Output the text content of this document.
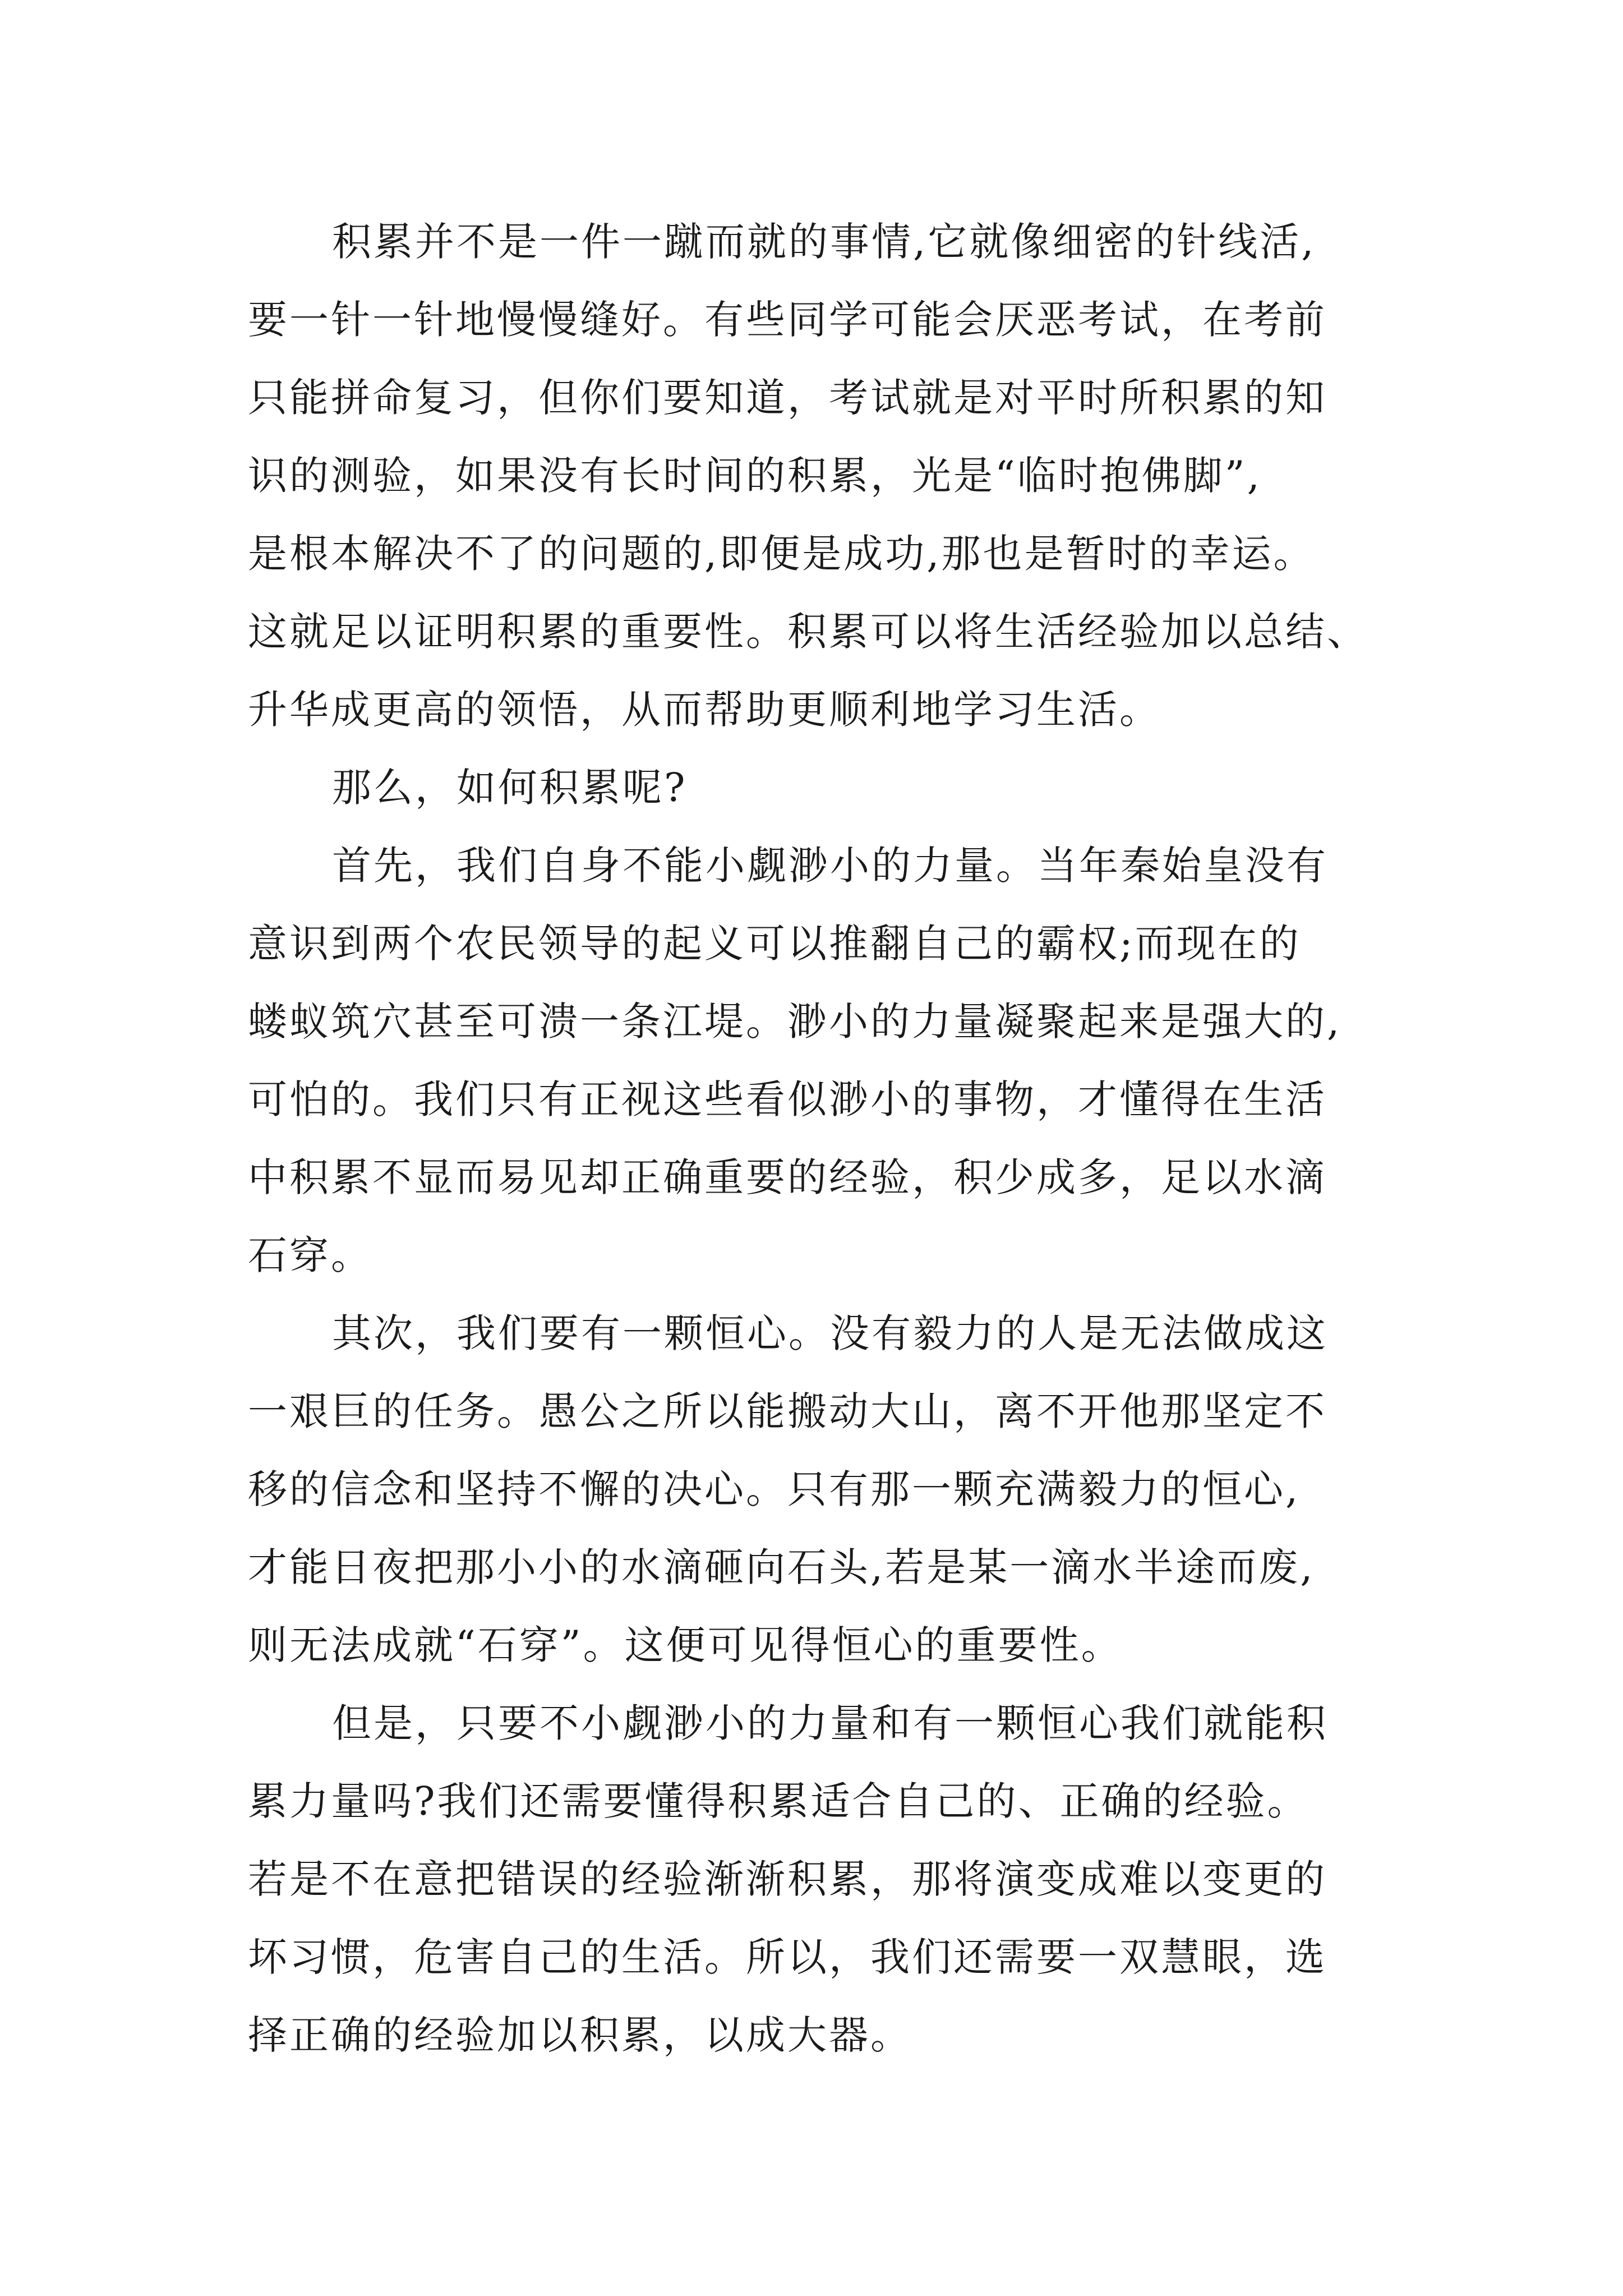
积累并不是一件一蹴而就的事情,它就像细密的针线活,
要一针一针地慢慢缝好。有些同学可能会厌恶考试，在考前
只能拼命复习，但你们要知道，考试就是对平时所积累的知
识的测验，如果没有长时间的积累，光是“临时抱佛脚”,
是根本解决不了的问题的,即便是成功,那也是暂时的幸运。
这就足以证明积累的重要性。积累可以将生活经验加以总结、
升华成更高的领悟，从而帮助更顺利地学习生活。
那么，如何积累呢?
首先，我们自身不能小觑渺小的力量。当年秦始皇没有
意识到两个农民领导的起义可以推翻自己的霸权;而现在的
蝼蚁筑穴甚至可溃一条江堤。渺小的力量凝聚起来是强大的,
可怕的。我们只有正视这些看似渺小的事物，才懂得在生活
中积累不显而易见却正确重要的经验，积少成多，足以水滴
石穿。
其次，我们要有一颗恒心。没有毅力的人是无法做成这
一艰巨的任务。愚公之所以能搬动大山，离不开他那坚定不
移的信念和坚持不懈的决心。只有那一颗充满毅力的恒心,
才能日夜把那小小的水滴砸向石头,若是某一滴水半途而废,
则无法成就“石穿”。这便可见得恒心的重要性。
但是，只要不小觑渺小的力量和有一颗恒心我们就能积
累力量吗?我们还需要懂得积累适合自己的、正确的经验。
若是不在意把错误的经验渐渐积累，那将演变成难以变更的
坏习惯，危害自己的生活。所以，我们还需要一双慧眼，选
择正确的经验加以积累，以成大器。
